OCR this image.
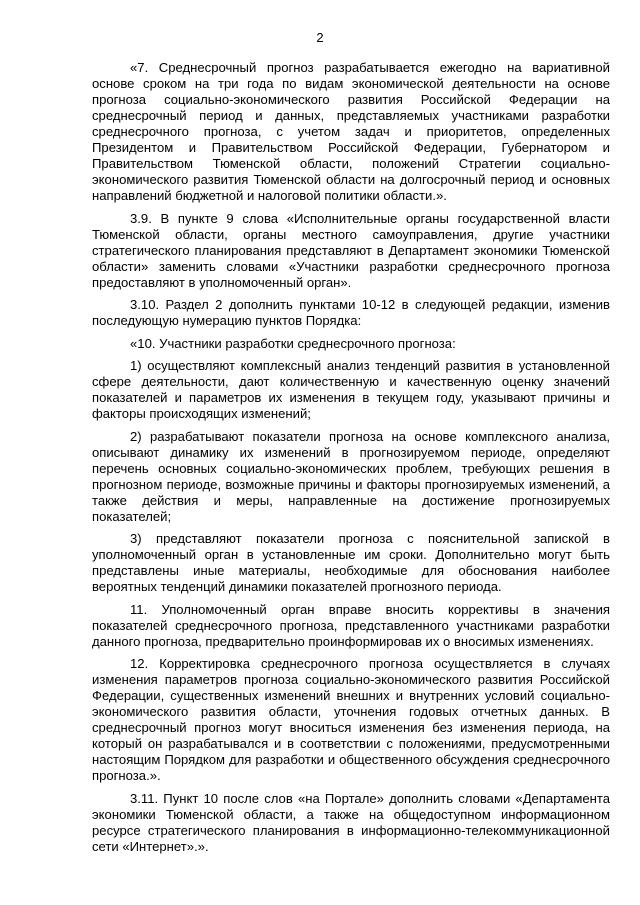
2

«7. Среднесрочный прогноз разрабатывается ежегодно на вариативной основе сроком на три года по видам экономической деятельности на основе прогноза социально-экономического развития Российской Федерации на среднесрочный период и данных, представляемых участниками разработки среднесрочного прогноза, с учетом задач и приоритетов, определенных Президентом и Правительством Российской Федерации, Губернатором и Правительством Тюменской области, положений Стратегии социально-экономического развития Тюменской области на долгосрочный период и основных направлений бюджетной и налоговой политики области.».

3.9. В пункте 9 слова «Исполнительные органы государственной власти Тюменской области, органы местного самоуправления, другие участники стратегического планирования представляют в Департамент экономики Тюменской области» заменить словами «Участники разработки среднесрочного прогноза предоставляют в уполномоченный орган».

3.10. Раздел 2 дополнить пунктами 10-12 в следующей редакции, изменив последующую нумерацию пунктов Порядка:

«10. Участники разработки среднесрочного прогноза:

1) осуществляют комплексный анализ тенденций развития в установленной сфере деятельности, дают количественную и качественную оценку значений показателей и параметров их изменения в текущем году, указывают причины и факторы происходящих изменений;

2) разрабатывают показатели прогноза на основе комплексного анализа, описывают динамику их изменений в прогнозируемом периоде, определяют перечень основных социально-экономических проблем, требующих решения в прогнозном периоде, возможные причины и факторы прогнозируемых изменений, а также действия и меры, направленные на достижение прогнозируемых показателей;

3) представляют показатели прогноза с пояснительной запиской в уполномоченный орган в установленные им сроки. Дополнительно могут быть представлены иные материалы, необходимые для обоснования наиболее вероятных тенденций динамики показателей прогнозного периода.

11. Уполномоченный орган вправе вносить коррективы в значения показателей среднесрочного прогноза, представленного участниками разработки данного прогноза, предварительно проинформировав их о вносимых изменениях.

12. Корректировка среднесрочного прогноза осуществляется в случаях изменения параметров прогноза социально-экономического развития Российской Федерации, существенных изменений внешних и внутренних условий социально-экономического развития области, уточнения годовых отчетных данных. В среднесрочный прогноз могут вноситься изменения без изменения периода, на который он разрабатывался и в соответствии с положениями, предусмотренными настоящим Порядком для разработки и общественного обсуждения среднесрочного прогноза.».

3.11. Пункт 10 после слов «на Портале» дополнить словами «Департамента экономики Тюменской области, а также на общедоступном информационном ресурсе стратегического планирования в информационно-телекоммуникационной сети «Интернет».».
